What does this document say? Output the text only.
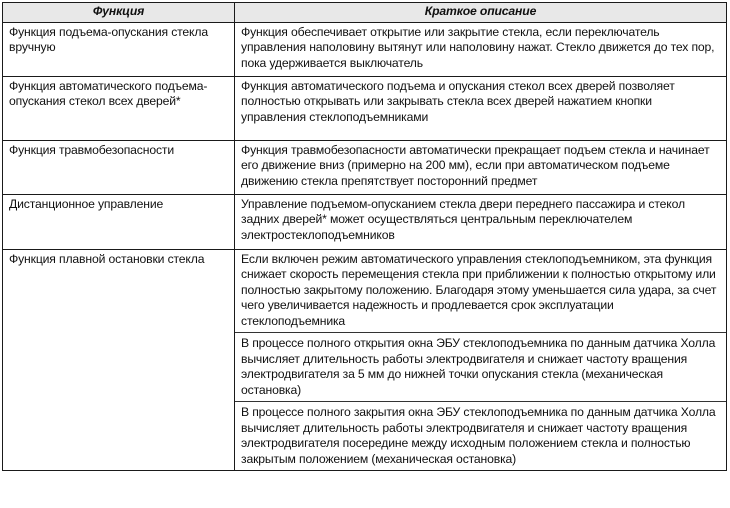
Функция	Краткое описание
Функция подъема-опускания стекла вручную	Функция обеспечивает открытие или закрытие стекла, если переключатель управления наполовину вытянут или наполовину нажат. Стекло движется до тех пор, пока удерживается выключатель

Функция автоматического подъема-опускания стекол всех дверей*	Функция автоматического подъема и опускания стекол всех дверей позволяет полностью открывать или закрывать стекла всех дверей нажатием кнопки управления стеклоподъемниками

Функция травмобезопасности	Функция травмобезопасности автоматически прекращает подъем стекла и начинает его движение вниз (примерно на 200 мм), если при автоматическом подъеме движению стекла препятствует посторонний предмет

Дистанционное управление	Управление подъемом-опусканием стекла двери переднего пассажира и стекол задних дверей* может осуществляться центральным переключателем электростеклоподъемников

Функция плавной остановки стекла	Если включен режим автоматического управления стеклоподъемником, эта функция снижает скорость перемещения стекла при приближении к полностью открытому или полностью закрытому положению. Благодаря этому уменьшается сила удара, за счет чего увеличивается надежность и продлевается срок эксплуатации стеклоподъемника
В процессе полного открытия окна ЭБУ стеклоподъемника по данным датчика Холла вычисляет длительность работы электродвигателя и снижает частоту вращения электродвигателя за 5 мм до нижней точки опускания стекла (механическая остановка)
В процессе полного закрытия окна ЭБУ стеклоподъемника по данным датчика Холла вычисляет длительность работы электродвигателя и снижает частоту вращения электродвигателя посередине между исходным положением стекла и полностью закрытым положением (механическая остановка)
